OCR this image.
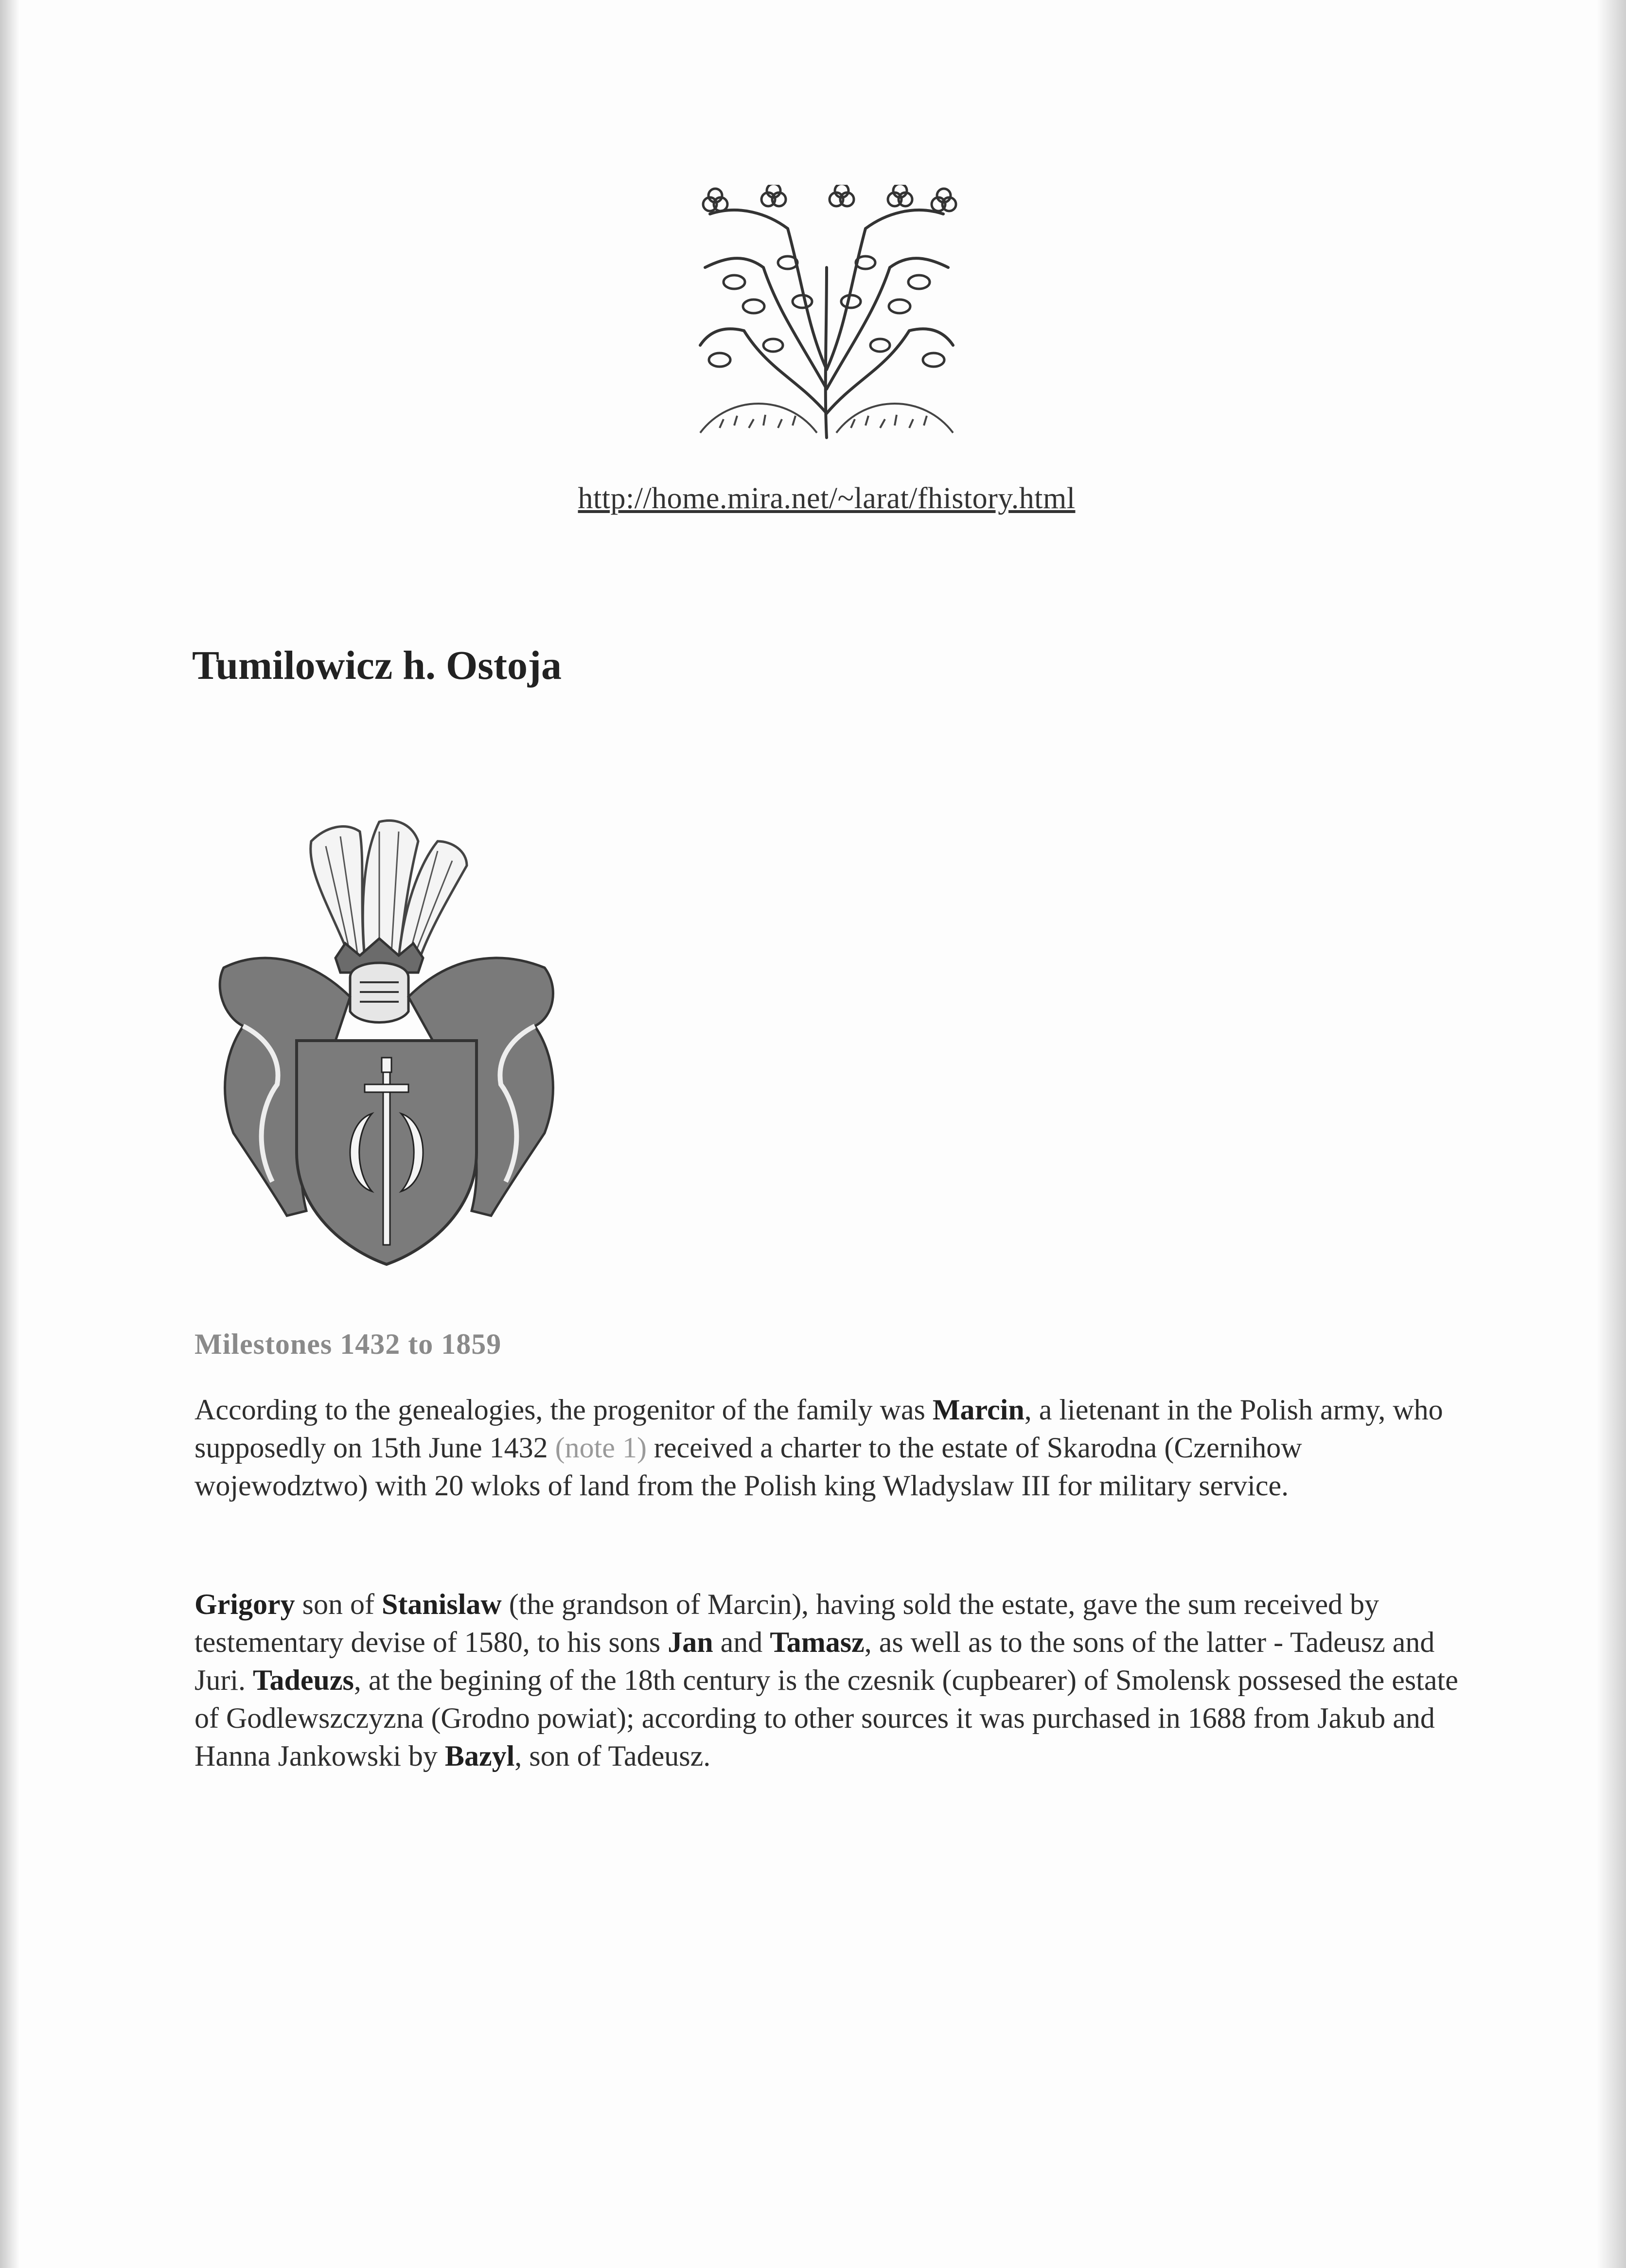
http://home.mira.net/~larat/fhistory.html
Tumilowicz h. Ostoja
Milestones 1432 to 1859

According to the genealogies, the progenitor of the family was Marcin, a lietenant in the Polish army, who supposedly on 15th June 1432 (note 1) received a charter to the estate of Skarodna (Czernihow wojewodztwo) with 20 wloks of land from the Polish king Wladyslaw III for military service.

Grigory son of Stanislaw (the grandson of Marcin), having sold the estate, gave the sum received by testementary devise of 1580, to his sons Jan and Tamasz, as well as to the sons of the latter - Tadeusz and Juri. Tadeuzs, at the begining of the 18th century is the czesnik (cupbearer) of Smolensk possesed the estate of Godlewszczyzna (Grodno powiat); according to other sources it was purchased in 1688 from Jakub and Hanna Jankowski by Bazyl, son of Tadeusz.
